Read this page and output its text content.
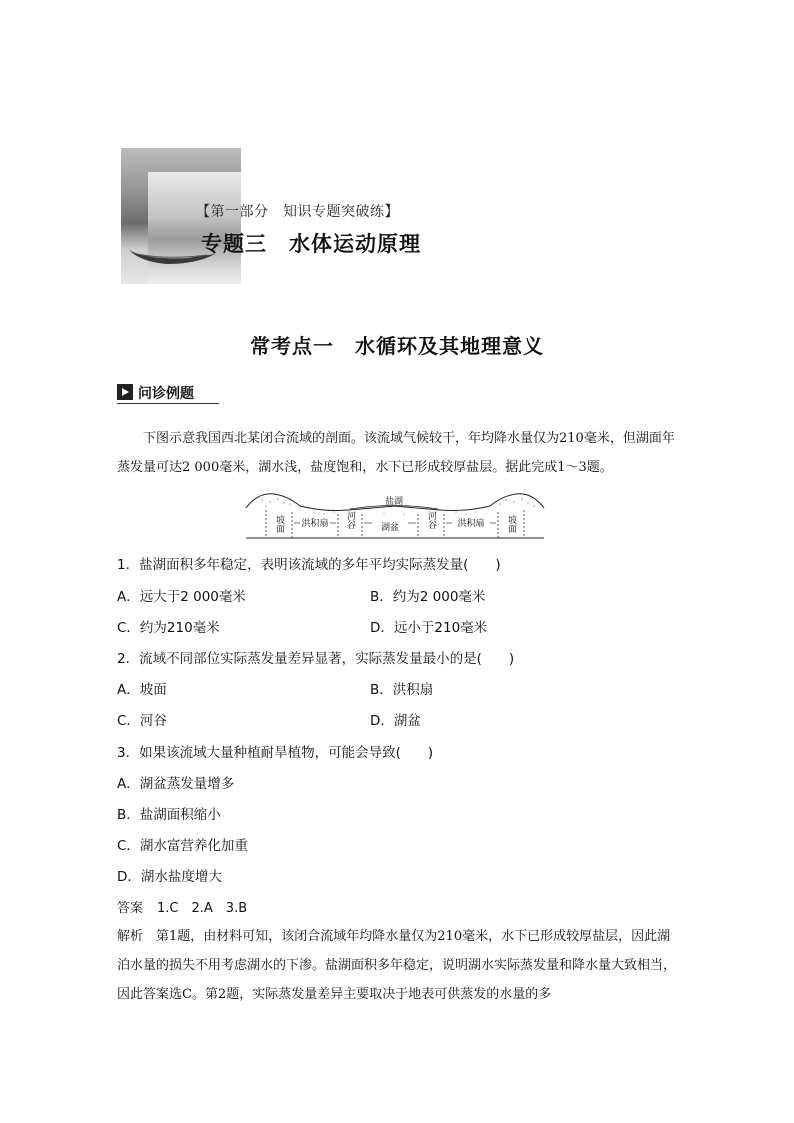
【第一部分　知识专题突破练】
专题三　水体运动原理
常考点一　水循环及其地理意义
问诊例题
下图示意我国西北某闭合流域的剖面。该流域气候较干，年均降水量仅为210毫米，但湖面年蒸发量可达2 000毫米，湖水浅，盐度饱和，水下已形成较厚盐层。据此完成1～3题。
盐湖
洪积扇	湖盆	洪积扇
坡面	河谷	河谷	坡面
1．盐湖面积多年稳定，表明该流域的多年平均实际蒸发量(　　)
A．远大于2 000毫米	B．约为2 000毫米
C．约为210毫米	D．远小于210毫米
2．流域不同部位实际蒸发量差异显著，实际蒸发量最小的是(　　)
A．坡面	B．洪积扇
C．河谷	D．湖盆
3．如果该流域大量种植耐旱植物，可能会导致(　　)
A．湖盆蒸发量增多
B．盐湖面积缩小
C．湖水富营养化加重
D．湖水盐度增大
答案 1.C　2.A　3.B
解析　第1题，由材料可知，该闭合流域年均降水量仅为210毫米，水下已形成较厚盐层，因此湖泊水量的损失不用考虑湖水的下渗。盐湖面积多年稳定，说明湖水实际蒸发量和降水量大致相当，因此答案选C。第2题，实际蒸发量差异主要取决于地表可供蒸发的水量的多
